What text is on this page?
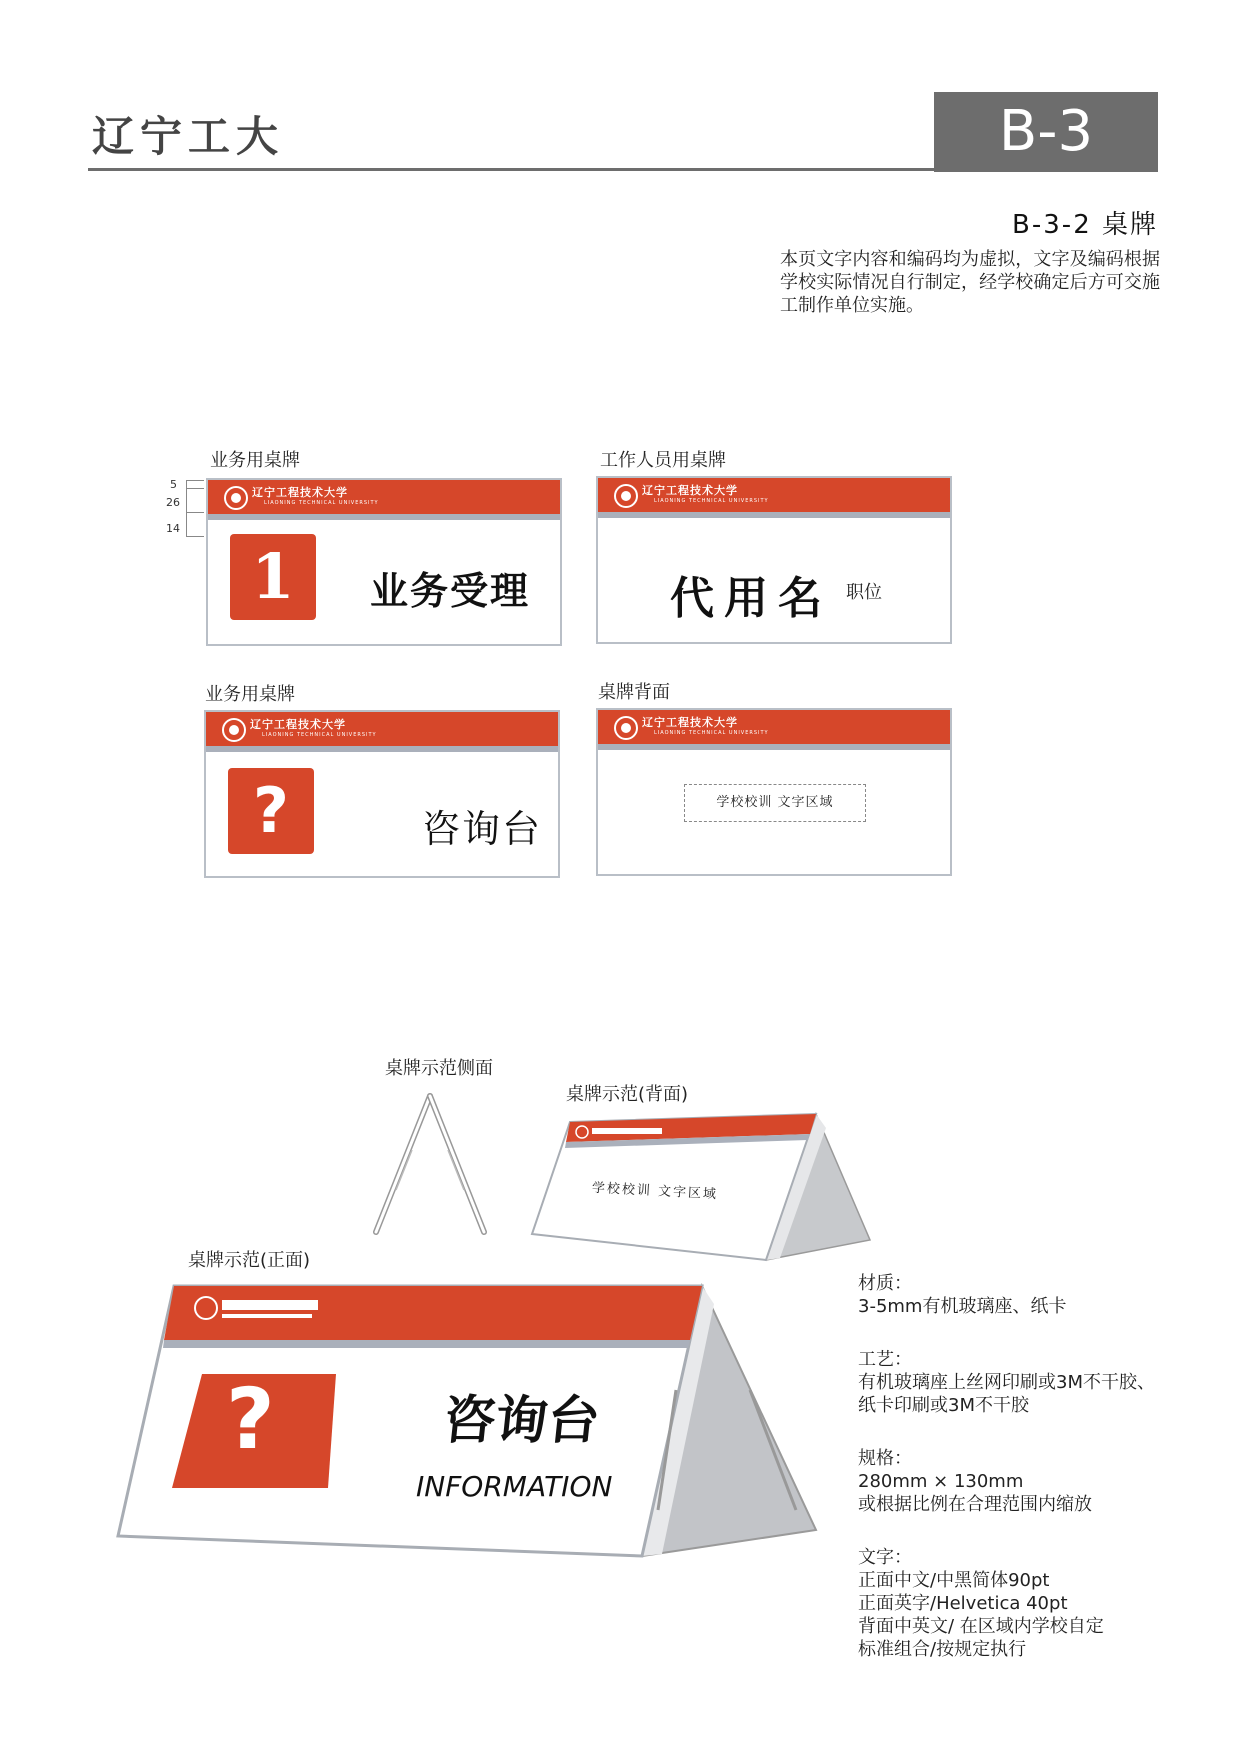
辽宁工大	B-3
B-3-2 桌牌
本页文字内容和编码均为虚拟，文字及编码根据学校实际情况自行制定，经学校确定后方可交施工制作单位实施。
业务用桌牌	工作人员用桌牌
业务用桌牌	桌牌背面
5
26
14
辽宁工程技术大学
LIAONING TECHNICAL UNIVERSITY
1	业务受理
辽宁工程技术大学
LIAONING TECHNICAL UNIVERSITY
代用名 职位
辽宁工程技术大学
LIAONING TECHNICAL UNIVERSITY
?	咨询台
辽宁工程技术大学
LIAONING TECHNICAL UNIVERSITY
学校校训 文字区域
桌牌示范侧面
桌牌示范(背面)
桌牌示范(正面)
学校校训 文字区域
?	咨询台
INFORMATION

材质：
3-5mm有机玻璃座、纸卡

工艺：
有机玻璃座上丝网印刷或3M不干胶、
纸卡印刷或3M不干胶

规格：
280mm × 130mm
或根据比例在合理范围内缩放

文字：
正面中文/中黑简体90pt
正面英字/Helvetica 40pt
背面中英文/ 在区域内学校自定
标准组合/按规定执行
